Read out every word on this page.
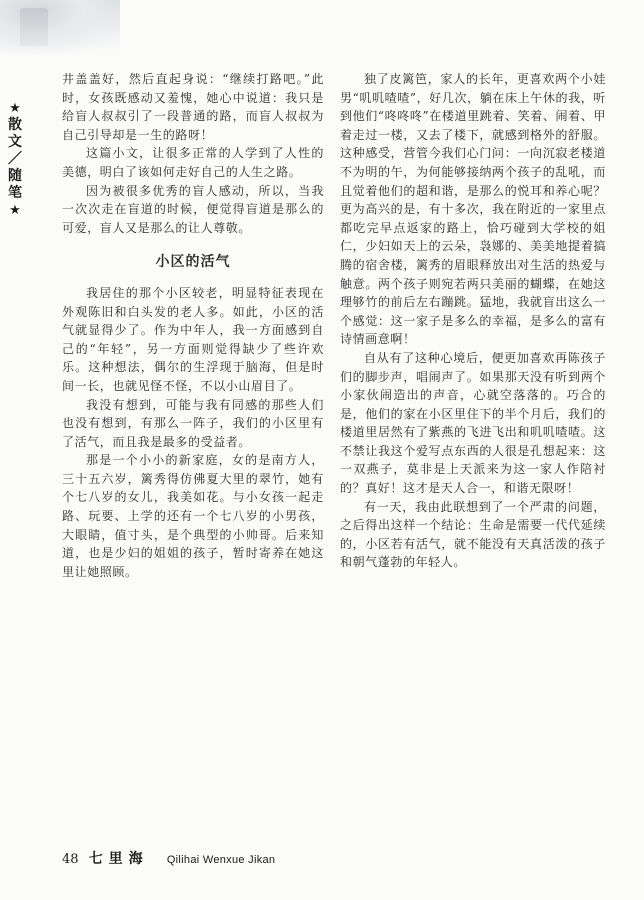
★
散
文
／
随
笔
★

井盖盖好，然后直起身说：“继续打路吧。”此时，女孩既感动又羞愧，她心中说道：我只是给盲人叔叔引了一段普通的路，而盲人叔叔为自己引导却是一生的路呀！

这篇小文，让很多正常的人学到了人性的美德，明白了该如何走好自己的人生之路。

因为被很多优秀的盲人感动，所以，当我一次次走在盲道的时候，便觉得盲道是那么的可爱，盲人又是那么的让人尊敬。

小区的活气

我居住的那个小区较老，明显特征表现在外观陈旧和白头发的老人多。如此，小区的活气就显得少了。作为中年人，我一方面感到自己的“年轻”，另一方面则觉得缺少了些许欢乐。这种想法，偶尔的生浮现于脑海，但是时间一长，也就见怪不怪，不以小山眉目了。

我没有想到，可能与我有同感的那些人们也没有想到，有那么一阵子，我们的小区里有了活气，而且我是最多的受益者。

那是一个小小的新家庭，女的是南方人，三十五六岁，篱秀得仿佛夏大里的翠竹，她有个七八岁的女儿，我美如花。与小女孩一起走路、玩要、上学的还有一个七八岁的小男孩，大眼睛，值寸头，是个典型的小帅哥。后来知道，也是少妇的姐姐的孩子，暂时寄养在她这里让她照顾。

独了皮篱笆，家人的长年，更喜欢两个小娃男“叽叽喳喳”，好几次，躺在床上午休的我，听到他们“咚咚咚”在楼道里跳着、笑着、闹着、甲着走过一楼，又去了楼下，就感到格外的舒服。这种感受，营管今我们心门问：一向沉寂老楼道不为明的午，为何能够接纳两个孩子的乱吼，而且觉着他们的超和谐，是那么的悦耳和养心呢？更为高兴的是，有十多次，我在附近的一家里点都吃完早点返家的路上，恰巧碰到大学校的姐仁，少妇如天上的云朵，袅娜的、美美地提着搞腾的宿舍楼，篱秀的眉眼释放出对生活的热爱与触意。两个孩子则宛若两只美丽的蝴蝶，在她这理够竹的前后左右蹦跳。猛地，我就盲出这么一个感觉：这一家子是多么的幸福，是多么的富有诗情画意啊！

自从有了这种心境后，便更加喜欢再陈孩子们的脚步声，唱闹声了。如果那天没有听到两个小家伙闹造出的声音，心就空落落的。巧合的是，他们的家在小区里住下的半个月后，我们的楼道里居然有了紫燕的飞进飞出和叽叽喳喳。这不禁让我这个爱写点东西的人很是孔想起来：这一双燕子，莫非是上天派来为这一家人作陪衬的？真好！这才是天人合一，和谐无限呀！

有一天，我由此联想到了一个严肃的问题，之后得出这样一个结论：生命是需要一代代延续的，小区若有活气，就不能没有天真活泼的孩子和朝气蓬勃的年轻人。

48 七里海 Qilihai Wenxue Jikan
